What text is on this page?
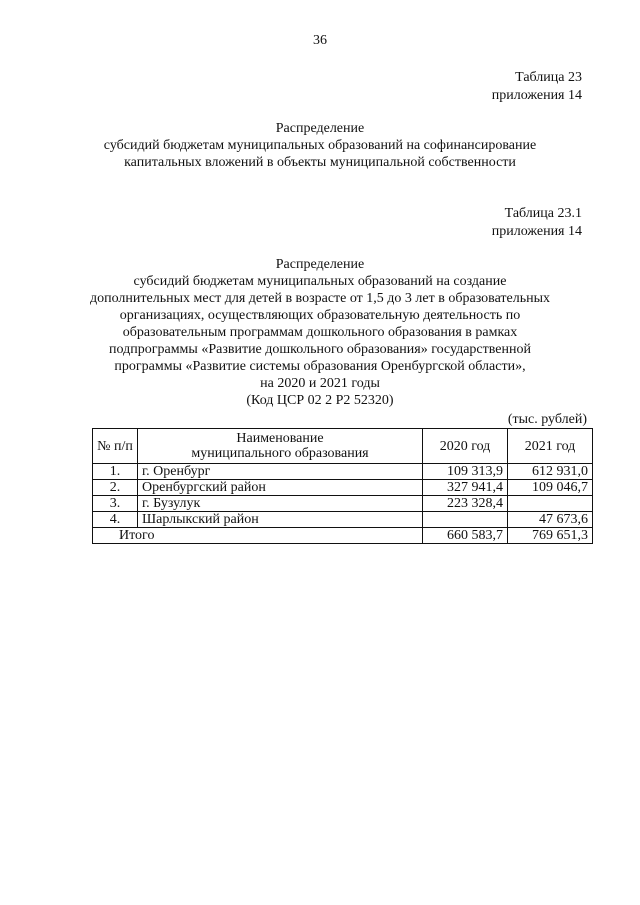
36
Таблица 23
приложения 14
Распределение
субсидий бюджетам муниципальных образований на софинансирование
капитальных вложений в объекты муниципальной собственности
Таблица 23.1
приложения 14
Распределение
субсидий бюджетам муниципальных образований на создание
дополнительных мест для детей в возрасте от 1,5 до 3 лет в образовательных
организациях, осуществляющих образовательную деятельность по
образовательным программам дошкольного образования в рамках
подпрограммы «Развитие дошкольного образования» государственной
программы «Развитие системы образования Оренбургской области»,
на 2020 и 2021 годы
(Код ЦСР 02 2 Р2 52320)
(тыс. рублей)
№ п/п	Наименование
муниципального образования	2020 год	2021 год
1.	г. Оренбург	109 313,9	612 931,0
2.	Оренбургский район	327 941,4	109 046,7
3.	г. Бузулук	223 328,4	
4.	Шарлыкский район		47 673,6
Итого		660 583,7	769 651,3
